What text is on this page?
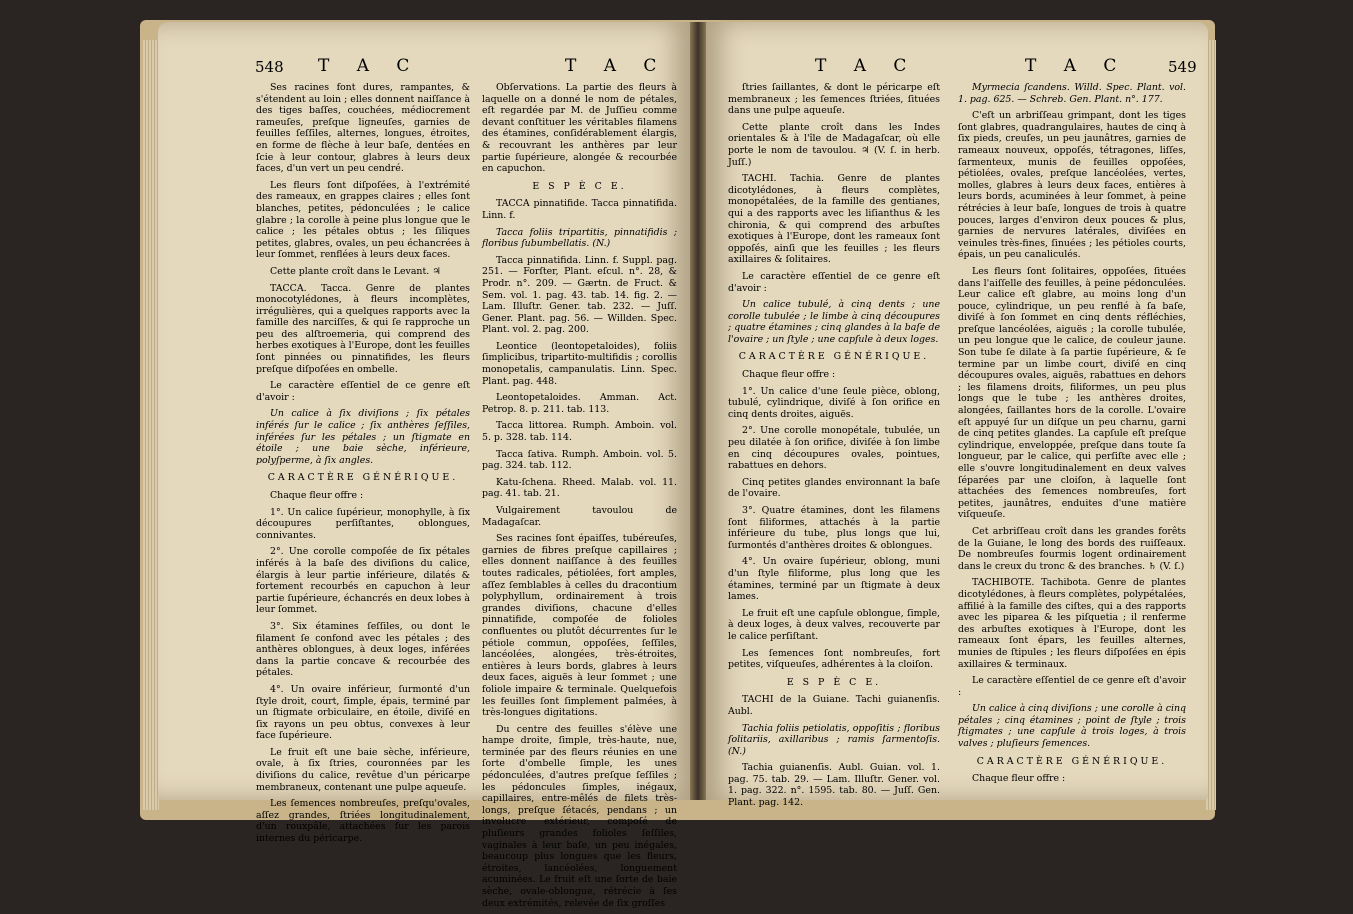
548 T A C	T A C	T A C	T A C	549

Ses racines font dures, rampantes, & s'étendent au loin ; elles donnent naiſſance à des tiges baſſes, couchées, médiocrement rameuſes, preſque ligneuſes, garnies de feuilles ſeſſiles, alternes, longues, étroites, en forme de flèche à leur baſe, dentées en ſcie à leur contour, glabres à leurs deux faces, d'un vert un peu cendré.

Les fleurs ſont diſpoſées, à l'extrémité des rameaux, en grappes claires ; elles ſont blanches, petites, pédonculées ; le calice glabre ; la corolle à peine plus longue que le calice ; les pétales obtus ; les ſiliques petites, glabres, ovales, un peu échancrées à leur ſommet, renflées à leurs deux faces.

Cette plante croît dans le Levant. ♃

TACCA. Tacca. Genre de plantes monocotylédones, à fleurs incomplètes, irrégulières, qui a quelques rapports avec la famille des narciſſes, & qui ſe rapproche un peu des alſtroemeria, qui comprend des herbes exotiques à l'Europe, dont les feuilles ſont pinnées ou pinnatifides, les fleurs preſque diſpoſées en ombelle.

Le caractère eſſentiel de ce genre eſt d'avoir :

Un calice à ſix diviſions ; ſix pétales inférés ſur le calice ; ſix anthères ſeſſiles, inférées ſur les pétales ; un ſtigmate en étoile ; une baie sèche, inférieure, polyſperme, à ſix angles.

CARACTÈRE GÉNÉRIQUE.

Chaque fleur offre :

1°. Un calice ſupérieur, monophylle, à ſix découpures perſiſtantes, oblongues, connivantes.

2°. Une corolle compoſée de ſix pétales inférés à la baſe des diviſions du calice, élargis à leur partie inférieure, dilatés & fortement recourbés en capuchon à leur partie ſupérieure, échancrés en deux lobes à leur ſommet.

3°. Six étamines ſeſſiles, ou dont le filament ſe confond avec les pétales ; des anthères oblongues, à deux loges, inférées dans la partie concave & recourbée des pétales.

4°. Un ovaire inférieur, ſurmonté d'un ſtyle droit, court, ſimple, épais, terminé par un ſtigmate orbiculaire, en étoile, diviſé en ſix rayons un peu obtus, convexes à leur face ſupérieure.

Le fruit eſt une baie sèche, inférieure, ovale, à ſix ſtries, couronnées par les diviſions du calice, revêtue d'un péricarpe membraneux, contenant une pulpe aqueuſe.

Les ſemences nombreuſes, preſqu'ovales, aſſez grandes, ſtriées longitudinalement, d'un rouxpâle, attachées ſur les parois internes du péricarpe.

Obſervations. La partie des fleurs à laquelle on a donné le nom de pétales, eſt regardée par M. de Juſſieu comme devant conſtituer les véritables filamens des étamines, conſidérablement élargis, & recouvrant les anthères par leur partie ſupérieure, alongée & recourbée en capuchon.

E S P È C E.

TACCA pinnatifide. Tacca pinnatifida. Linn. f.

Tacca foliis tripartitis, pinnatifidis ; floribus ſubumbellatis. (N.)

Tacca pinnatifida. Linn. f. Suppl. pag. 251. — Forſter, Plant. eſcul. n°. 28, & Prodr. n°. 209. — Gærtn. de Fruct. & Sem. vol. 1. pag. 43. tab. 14. fig. 2. — Lam. Illuſtr. Gener. tab. 232. — Juſſ. Gener. Plant. pag. 56. — Willden. Spec. Plant. vol. 2. pag. 200.

Leontice (leontopetaloides), foliis ſimplicibus, tripartito-multifidis ; corollis monopetalis, campanulatis. Linn. Spec. Plant. pag. 448.

Leontopetaloides. Amman. Act. Petrop. 8. p. 211. tab. 113.

Tacca littorea. Rumph. Amboin. vol. 5. p. 328. tab. 114.

Tacca ſativa. Rumph. Amboin. vol. 5. pag. 324. tab. 112.

Katu-ſchena. Rheed. Malab. vol. 11. pag. 41. tab. 21.

Vulgairement tavoulou de Madagaſcar.

Ses racines ſont épaiſſes, tubéreuſes, garnies de fibres preſque capillaires ; elles donnent naiſſance à des feuilles toutes radicales, pétiolées, fort amples, aſſez ſemblables à celles du dracontium polyphyllum, ordinairement à trois grandes diviſions, chacune d'elles pinnatifide, compoſée de folioles confluentes ou plutôt décurrentes ſur le pétiole commun, oppoſées, ſeſſiles, lancéolées, alongées, très-étroites, entières à leurs bords, glabres à leurs deux faces, aiguës à leur ſommet ; une foliole impaire & terminale. Quelquefois les feuilles ſont ſimplement palmées, à très-longues digitations.

Du centre des feuilles s'élève une hampe droite, ſimple, très-haute, nue, terminée par des fleurs réunies en une ſorte d'ombelle ſimple, les unes pédonculées, d'autres preſque ſeſſiles ; les pédoncules ſimples, inégaux, capillaires, entre-mêlés de filets très-longs, preſque ſétacés, pendans ; un involucre extérieur, compoſé de pluſieurs grandes folioles ſeſſiles, vaginales à leur baſe, un peu inégales, beaucoup plus longues que les fleurs, étroites, lancéolées, longuement acuminées. Le fruit eſt une ſorte de baie sèche, ovale-oblongue, rétrécie à ſes deux extrémités, relevée de ſix groſſes

ſtries ſaillantes, & dont le péricarpe eſt membraneux ; les ſemences ſtriées, ſituées dans une pulpe aqueuſe.

Cette plante croît dans les Indes orientales & à l'île de Madagaſcar, où elle porte le nom de tavoulou. ♃ (V. ſ. in herb. Juſſ.)

TACHI. Tachia. Genre de plantes dicotylédones, à fleurs complètes, monopétalées, de la famille des gentianes, qui a des rapports avec les liſianthus & les chironia, & qui comprend des arbuſtes exotiques à l'Europe, dont les rameaux ſont oppoſés, ainſi que les feuilles ; les fleurs axillaires & ſolitaires.

Le caractère eſſentiel de ce genre eſt d'avoir :

Un calice tubulé, à cinq dents ; une corolle tubulée ; le limbe à cinq découpures ; quatre étamines ; cinq glandes à la baſe de l'ovaire ; un ſtyle ; une capſule à deux loges.

CARACTÈRE GÉNÉRIQUE.

Chaque fleur offre :

1°. Un calice d'une ſeule pièce, oblong, tubulé, cylindrique, diviſé à ſon orifice en cinq dents droites, aiguës.

2°. Une corolle monopétale, tubulée, un peu dilatée à ſon orifice, diviſée à ſon limbe en cinq découpures ovales, pointues, rabattues en dehors.

Cinq petites glandes environnant la baſe de l'ovaire.

3°. Quatre étamines, dont les filamens ſont filiformes, attachés à la partie inférieure du tube, plus longs que lui, ſurmontés d'anthères droites & oblongues.

4°. Un ovaire ſupérieur, oblong, muni d'un ſtyle filiforme, plus long que les étamines, terminé par un ſtigmate à deux lames.

Le fruit eſt une capſule oblongue, ſimple, à deux loges, à deux valves, recouverte par le calice perſiſtant.

Les ſemences ſont nombreuſes, fort petites, viſqueuſes, adhérentes à la cloiſon.

E S P È C E.

TACHI de la Guiane. Tachi guianenſis. Aubl.

Tachia foliis petiolatis, oppoſitis ; floribus ſolitariis, axillaribus ; ramis ſarmentoſis. (N.)

Tachia guianenſis. Aubl. Guian. vol. 1. pag. 75. tab. 29. — Lam. Illuſtr. Gener. vol. 1. pag. 322. n°. 1595. tab. 80. — Juſſ. Gen. Plant. pag. 142.

Myrmecia ſcandens. Willd. Spec. Plant. vol. 1. pag. 625. — Schreb. Gen. Plant. n°. 177.

C'eſt un arbriſſeau grimpant, dont les tiges ſont glabres, quadrangulaires, hautes de cinq à ſix pieds, creuſes, un peu jaunâtres, garnies de rameaux nouveux, oppoſés, tétragones, liſſes, ſarmenteux, munis de feuilles oppoſées, pétiolées, ovales, preſque lancéolées, vertes, molles, glabres à leurs deux faces, entières à leurs bords, acuminées à leur ſommet, à peine rétrécies à leur baſe, longues de trois à quatre pouces, larges d'environ deux pouces & plus, garnies de nervures latérales, diviſées en veinules très-fines, ſinuées ; les pétioles courts, épais, un peu canaliculés.

Les fleurs ſont ſolitaires, oppoſées, ſituées dans l'aiſſelle des feuilles, à peine pédonculées. Leur calice eſt glabre, au moins long d'un pouce, cylindrique, un peu renflé à ſa baſe, diviſé à ſon ſommet en cinq dents réfléchies, preſque lancéolées, aiguës ; la corolle tubulée, un peu longue que le calice, de couleur jaune. Son tube ſe dilate à ſa partie ſupérieure, & ſe termine par un limbe court, diviſé en cinq découpures ovales, aiguës, rabattues en dehors ; les filamens droits, filiformes, un peu plus longs que le tube ; les anthères droites, alongées, ſaillantes hors de la corolle. L'ovaire eſt appuyé ſur un diſque un peu charnu, garni de cinq petites glandes. La capſule eſt preſque cylindrique, enveloppée, preſque dans toute ſa longueur, par le calice, qui perſiſte avec elle ; elle s'ouvre longitudinalement en deux valves ſéparées par une cloiſon, à laquelle ſont attachées des ſemences nombreuſes, fort petites, jaunâtres, enduites d'une matière viſqueuſe.

Cet arbriſſeau croît dans les grandes forêts de la Guiane, le long des bords des ruiſſeaux. De nombreuſes fourmis logent ordinairement dans le creux du tronc & des branches. ♄ (V. ſ.)

TACHIBOTE. Tachibota. Genre de plantes dicotylédones, à fleurs complètes, polypétalées, affilié à la famille des ciſtes, qui a des rapports avec les piparea & les piſquetia ; il renferme des arbuſtes exotiques à l'Europe, dont les rameaux ſont épars, les feuilles alternes, munies de ſtipules ; les fleurs diſpoſées en épis axillaires & terminaux.

Le caractère eſſentiel de ce genre eſt d'avoir :

Un calice à cinq diviſions ; une corolle à cinq pétales ; cinq étamines ; point de ſtyle ; trois ſtigmates ; une capſule à trois loges, à trois valves ; pluſieurs ſemences.

CARACTÈRE GÉNÉRIQUE.

Chaque fleur offre :
